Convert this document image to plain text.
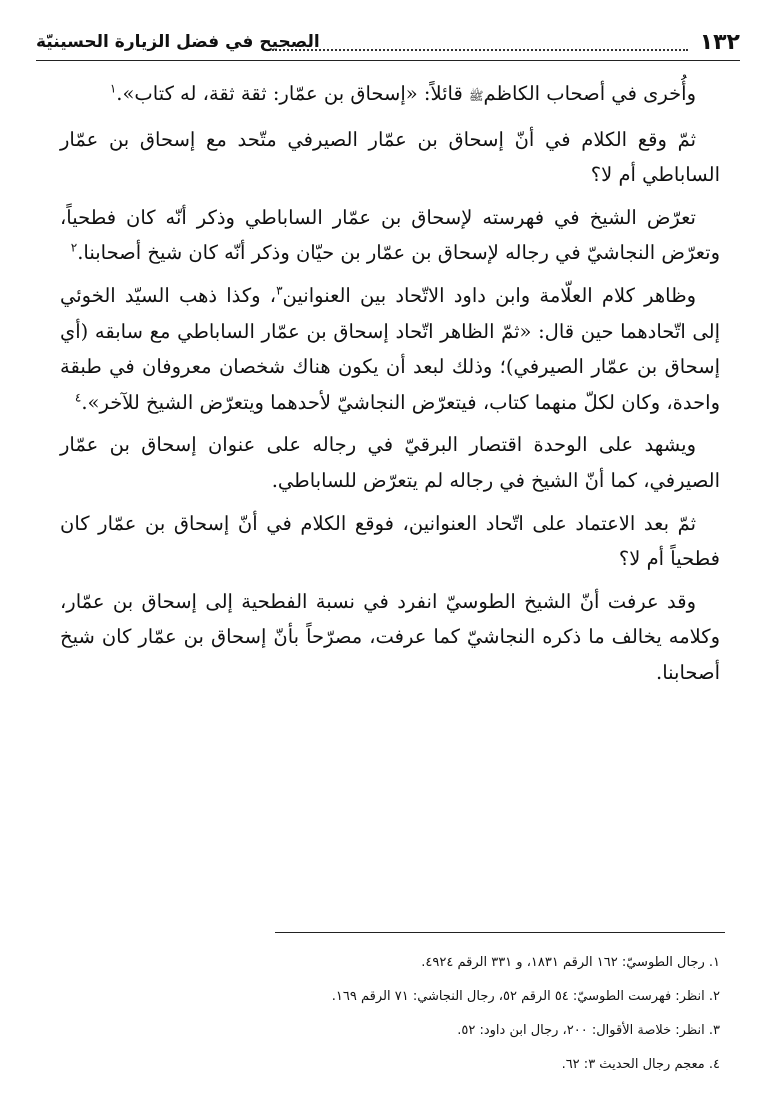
١٣٢
الصحيح في فضل الزيارة الحسينيّة

وأُخرى في أصحاب الكاظمﷺ قائلاً: «إسحاق بن عمّار: ثقة ثقة، له كتاب».$^١$

ثمّ وقع الكلام في أنّ إسحاق بن عمّار الصيرفي متّحد مع إسحاق بن عمّار الساباطي أم لا؟

تعرّض الشيخ في فهرسته لإسحاق بن عمّار الساباطي وذكر أنّه كان فطحياً، وتعرّض النجاشيّ في رجاله لإسحاق بن عمّار بن حيّان وذكر أنّه كان شيخ أصحابنا.$^٢$

وظاهر كلام العلّامة وابن داود الاتّحاد بين العنوانين$^٣$، وكذا ذهب السيّد الخوئي إلى اتّحادهما حين قال: «ثمّ الظاهر اتّحاد إسحاق بن عمّار الساباطي مع سابقه (أي إسحاق بن عمّار الصيرفي)؛ وذلك لبعد أن يكون هناك شخصان معروفان في طبقة واحدة، وكان لكلّ منهما كتاب، فيتعرّض النجاشيّ لأحدهما ويتعرّض الشيخ للآخر».$^٤$

ويشهد على الوحدة اقتصار البرقيّ في رجاله على عنوان إسحاق بن عمّار الصيرفي، كما أنّ الشيخ في رجاله لم يتعرّض للساباطي.

ثمّ بعد الاعتماد على اتّحاد العنوانين، فوقع الكلام في أنّ إسحاق بن عمّار كان فطحياً أم لا؟

وقد عرفت أنّ الشيخ الطوسيّ انفرد في نسبة الفطحية إلى إسحاق بن عمّار، وكلامه يخالف ما ذكره النجاشيّ كما عرفت، مصرّحاً بأنّ إسحاق بن عمّار كان شيخ أصحابنا.

١. رجال الطوسيّ: ١٦٢ الرقم ١٨٣١، و ٣٣١ الرقم ٤٩٢٤.
٢. انظر: فهرست الطوسيّ: ٥٤ الرقم ٥٢، رجال النجاشي: ٧١ الرقم ١٦٩.
٣. انظر: خلاصة الأقوال: ٢٠٠، رجال ابن داود: ٥٢.
٤. معجم رجال الحديث ٣: ٦٢.
